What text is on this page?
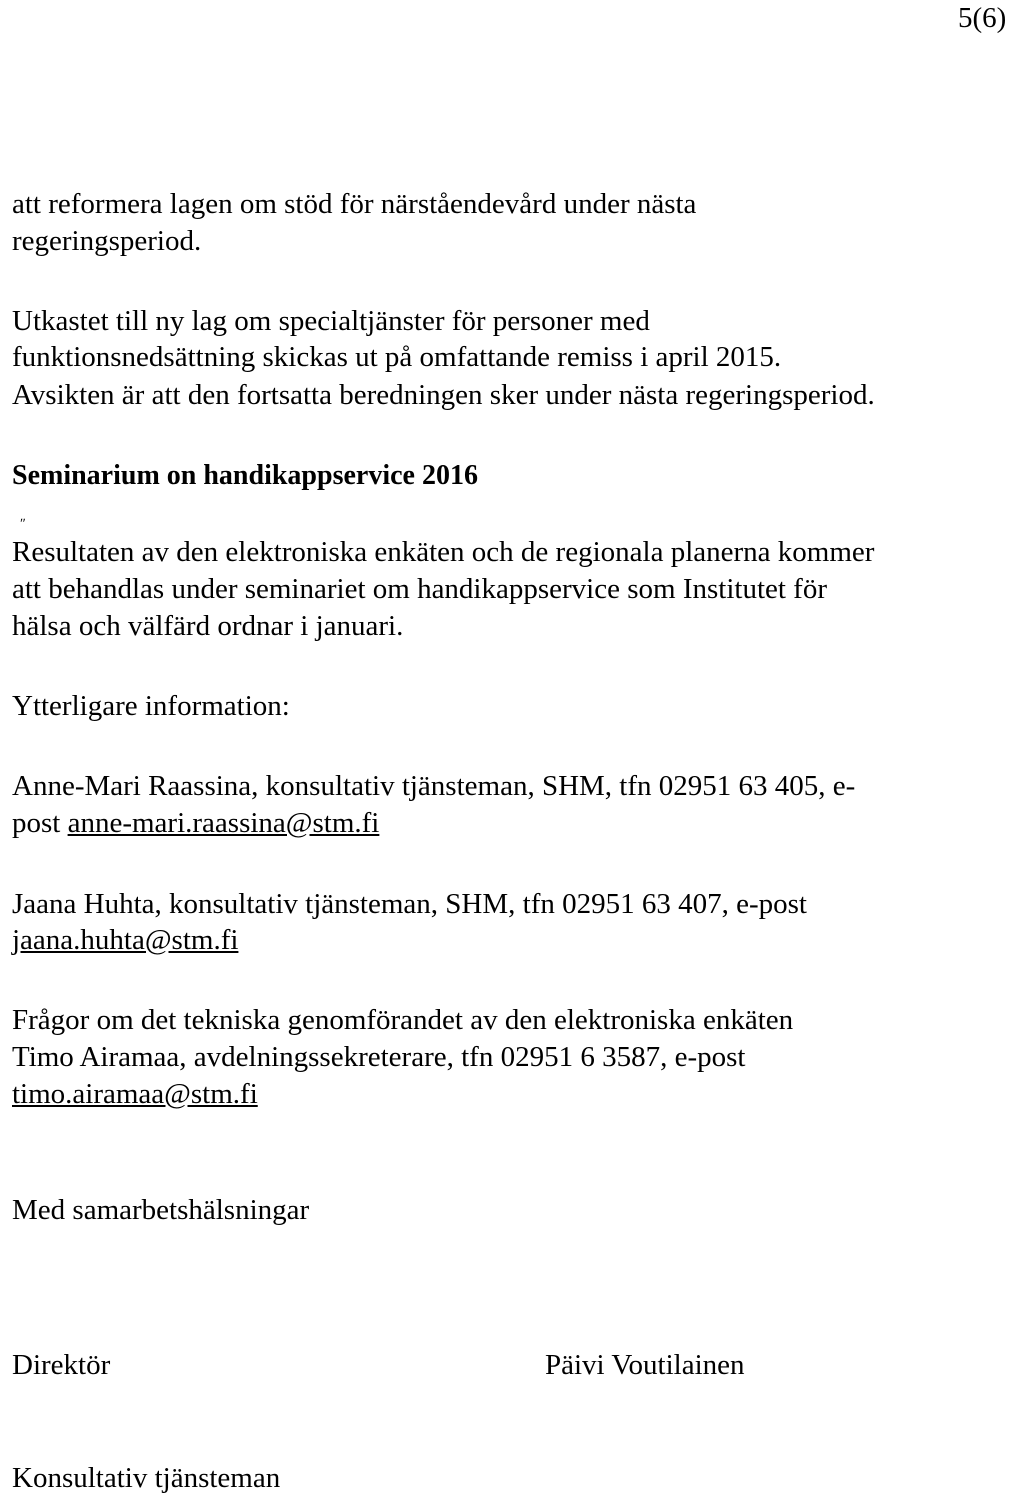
5(6)
att reformera lagen om stöd för närståendevård under nästa
regeringsperiod.
Utkastet till ny lag om specialtjänster för personer med
funktionsnedsättning skickas ut på omfattande remiss i april 2015.
Avsikten är att den fortsatta beredningen sker under nästa regeringsperiod.
Seminarium on handikappservice 2016
ʺ
Resultaten av den elektroniska enkäten och de regionala planerna kommer
att behandlas under seminariet om handikappservice som Institutet för
hälsa och välfärd ordnar i januari.
Ytterligare information:
Anne-Mari Raassina, konsultativ tjänsteman, SHM, tfn 02951 63 405, e-
post anne-mari.raassina@stm.fi
Jaana Huhta, konsultativ tjänsteman, SHM, tfn 02951 63 407, e-post
jaana.huhta@stm.fi
Frågor om det tekniska genomförandet av den elektroniska enkäten
Timo Airamaa, avdelningssekreterare, tfn 02951 6 3587, e-post
timo.airamaa@stm.fi
Med samarbetshälsningar
Direktör	Päivi Voutilainen
Konsultativ tjänsteman
